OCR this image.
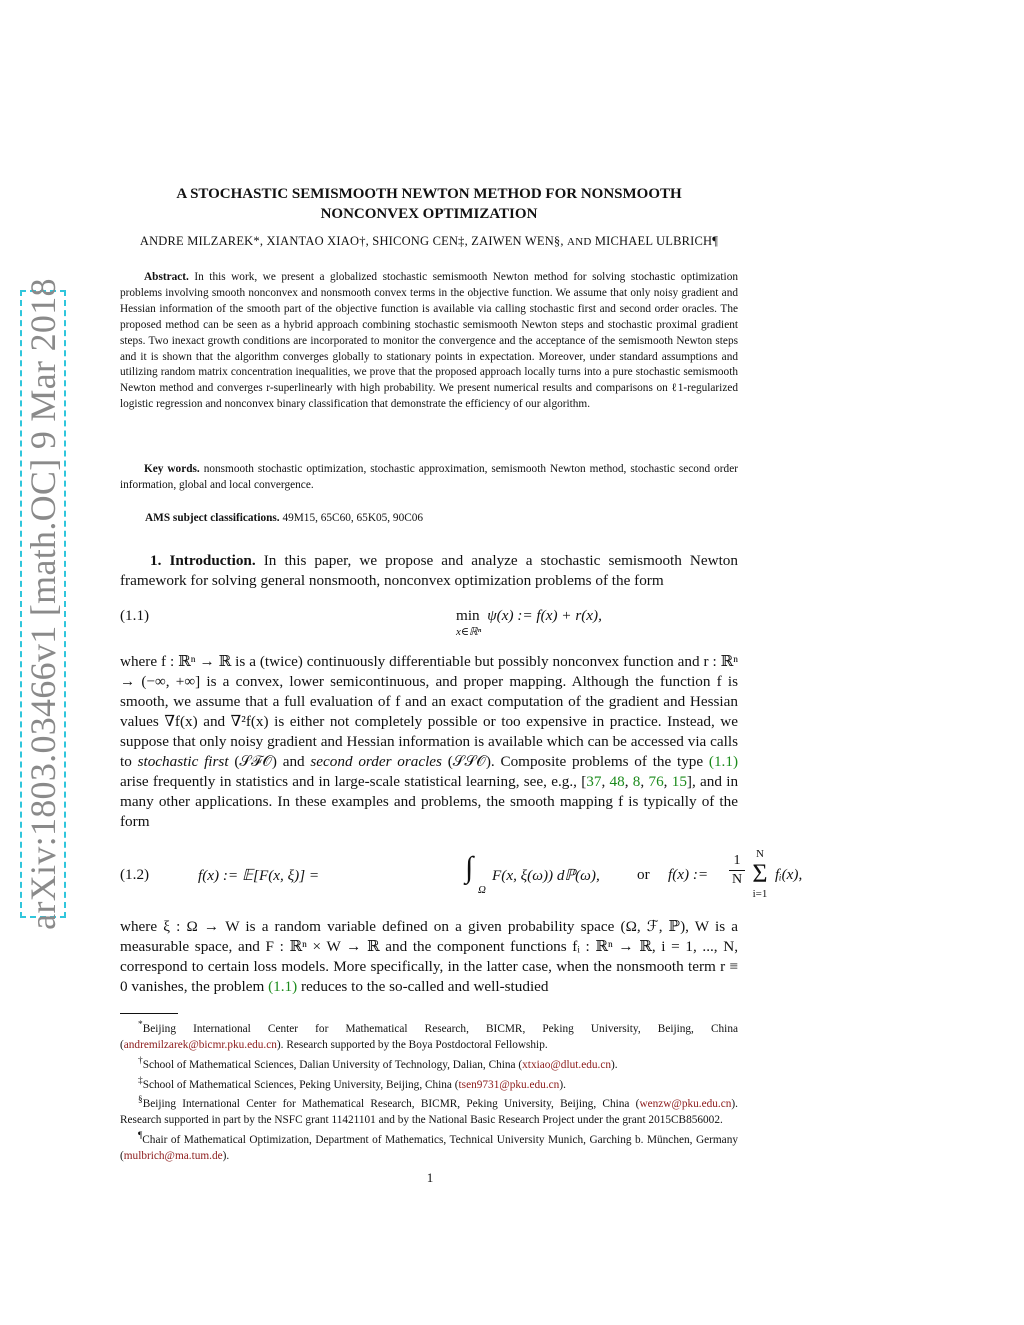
arXiv:1803.03466v1 [math.OC] 9 Mar 2018
A STOCHASTIC SEMISMOOTH NEWTON METHOD FOR NONSMOOTH
NONCONVEX OPTIMIZATION
ANDRE MILZAREK*, XIANTAO XIAO†, SHICONG CEN‡, ZAIWEN WEN§, AND MICHAEL ULBRICH¶
Abstract. In this work, we present a globalized stochastic semismooth Newton method for solving stochastic optimization problems involving smooth nonconvex and nonsmooth convex terms in the objective function. We assume that only noisy gradient and Hessian information of the smooth part of the objective function is available via calling stochastic first and second order oracles. The proposed method can be seen as a hybrid approach combining stochastic semismooth Newton steps and stochastic proximal gradient steps. Two inexact growth conditions are incorporated to monitor the convergence and the acceptance of the semismooth Newton steps and it is shown that the algorithm converges globally to stationary points in expectation. Moreover, under standard assumptions and utilizing random matrix concentration inequalities, we prove that the proposed approach locally turns into a pure stochastic semismooth Newton method and converges r-superlinearly with high probability. We present numerical results and comparisons on ℓ1-regularized logistic regression and nonconvex binary classification that demonstrate the efficiency of our algorithm.
Key words. nonsmooth stochastic optimization, stochastic approximation, semismooth Newton method, stochastic second order information, global and local convergence.
AMS subject classifications. 49M15, 65C60, 65K05, 90C06
1. Introduction. In this paper, we propose and analyze a stochastic semismooth Newton framework for solving general nonsmooth, nonconvex optimization problems of the form
(1.1)	min ψ(x) := f(x) + r(x),
x∈ℝⁿ
where f : ℝⁿ → ℝ is a (twice) continuously differentiable but possibly nonconvex function and r : ℝⁿ → (−∞, +∞] is a convex, lower semicontinuous, and proper mapping. Although the function f is smooth, we assume that a full evaluation of f and an exact computation of the gradient and Hessian values ∇f(x) and ∇²f(x) is either not completely possible or too expensive in practice. Instead, we suppose that only noisy gradient and Hessian information is available which can be accessed via calls to stochastic first (𝒮ℱ𝒪) and second order oracles (𝒮𝒮𝒪). Composite problems of the type (1.1) arise frequently in statistics and in large-scale statistical learning, see, e.g., [37, 48, 8, 76, 15], and in many other applications. In these examples and problems, the smooth mapping f is typically of the form
(1.2)	f(x) := 𝔼[F(x, ξ)] =	∫
Ω
F(x, ξ(ω)) dℙ(ω), or f(x) := $\frac{1}{N}$	N
Σ
i=1
fᵢ(x),
where ξ : Ω → W is a random variable defined on a given probability space (Ω, ℱ, ℙ), W is a measurable space, and F : ℝⁿ × W → ℝ and the component functions fᵢ : ℝⁿ → ℝ, i = 1, ..., N, correspond to certain loss models. More specifically, in the latter case, when the nonsmooth term r ≡ 0 vanishes, the problem (1.1) reduces to the so-called and well-studied

*Beijing International Center for Mathematical Research, BICMR, Peking University, Beijing, China (andremilzarek@bicmr.pku.edu.cn). Research supported by the Boya Postdoctoral Fellowship.

†School of Mathematical Sciences, Dalian University of Technology, Dalian, China (xtxiao@dlut.edu.cn).

‡School of Mathematical Sciences, Peking University, Beijing, China (tsen9731@pku.edu.cn).

§Beijing International Center for Mathematical Research, BICMR, Peking University, Beijing, China (wenzw@pku.edu.cn). Research supported in part by the NSFC grant 11421101 and by the National Basic Research Project under the grant 2015CB856002.

¶Chair of Mathematical Optimization, Department of Mathematics, Technical University Munich, Garching b. München, Germany (mulbrich@ma.tum.de).

1
